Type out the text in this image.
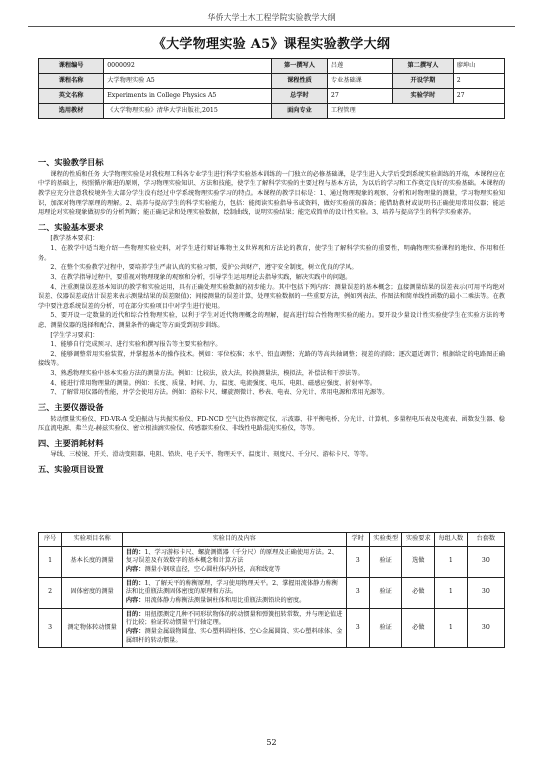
华侨大学土木工程学院实验教学大纲
《大学物理实验 A5》课程实验教学大纲
课程编号	0000092	第一撰写人	吕莲	第二撰写人	廖坤山
课程名称	大学物理实验 A5	课程性质	专业基础课	开设学期	2
英文名称	Experiments in College Physics A5	总学时	27	实验学时	27
选用教材	《大学物理实验》清华大学出版社,2015	面向专业	工程管理		
一、实验教学目标

课程的性质和任务 大学物理实验是对我校理工科各专业学生进行科学实验基本训练的一门独立的必修基础课，是学生进入大学后受到系统实验训练的开端，本课程应在中学的基础上，按照循序渐进的原则，学习物理实验知识、方法和技能，使学生了解科学实验的主要过程与基本方法，为以后的学习和工作奠定良好的实验基础。本课程的教学应充分注意我校境外生大部分学生没有经过中学系统物理实验学习的特点。本课程的教学目标是：1、通过物理现象的观察、分析和对物理量的测量，学习物理实验知识，加深对物理学原理的理解。2、培养与提高学生的科学实验能力，包括：能阅读实验指导书或资料，做好实验前的准备；能借助教材或说明书正确使用常用仪器；能运用理论对实验现象做初步的分析判断；能正确记录和处理实验数据，绘制曲线，说明实验结果；能完成简单的设计性实验。3、培养与提高学生的科学实验素养。

二、实验基本要求

[教学基本要求]：

1、在教学中适当地介绍一些物理实验史料，对学生进行辩证唯物主义世界观和方法论的教育，使学生了解科学实验的重要性，明确物理实验课程的地位、作用和任务。

2、在整个实验教学过程中，要培养学生严肃认真的实验习惯，爱护公共财产，遵守安全制度，树立优良的学风。

3、在教学指导过程中，要重视对物理现象的观察和分析，引导学生运用理论去指导实践，解决实践中的问题。

4、注重测量误差基本知识的教学和实验运用，具有正确处理实验数据的初步能力。其中包括下列内容：测量误差的基本概念；直接测量结果的误差表示(可用平均绝对误差、仪器误差或估计误差来表示测量结果的误差限值)；间接测量的误差计算，处理实验数据的一些重要方法，例如列表法、作图法和简单线性函数的最小二乘法等。在教学中要注意系统误差的分析，可在部分实验项目中对学生进行使用。

5、要开设一定数量的近代和综合性物理实验，以利于学生对近代物理概念的理解，提高进行综合性物理实验的能力。要开设少量设计性实验使学生在实验方法的考虑、测量仪器的选择和配合、测量条件的确定等方面受到初步训练。

[学生学习要求]：

1、能够自行完成预习、进行实验和撰写报告等主要实验程序。

2、能够调整常用实验装置，并掌握基本的操作技术。例如：零位校准；水平、铅直调整；光路的等高共轴调整；视差的消除；逐次逼近调节；根据给定的电路图正确接线等。

3、熟悉物理实验中基本实验方法的测量方法。例如：比较法，放大法，转换测量法，模拟法，补偿法和干涉法等。

4、能进行常用物理量的测量。例如：长度、质量、时间、力、温度、电流强度、电压、电阻、磁感应强度、折射率等。

7、了解常用仪器的性能，并学会使用方法。例如：游标卡尺、螺旋测微计、秒表、电表、分光计、常用电源和常用光源等。

三、主要仪器设备

转动惯量实验仪、FD-VR-A 受迫振动与共振实验仪、FD-NCD 空气比热容测定仪、示波器、非平衡电桥、分光计、计算机、多量程电压表及电流表、函数发生器、稳压直流电源、弗兰克-赫兹实验仪、密立根油滴实验仪、传感器实验仪、非线性电路混沌实验仪，等等。

四、主要消耗材料

导线、三棱镜、开关、滑动变阻器、电阻、铅块、电子天平、物理天平、温度计、刻度尺、千分尺、游标卡尺、等等。

五、实验项目设置
序号	实验项目名称	实验目的及内容	学时	实验类型	实验要求	每组人数	台套数
1	基本长度的测量	目的：1、学习游标卡尺、螺旋测微器（千分尺）的原理及正确使用方法。2、复习误差及有效数字的基本概念和计算方法
内容：测量小钢球直径，空心圆柱体内外径，高和线宽等	3	验证	选做	1	30
2	固体密度的测量	目的：1、了解天平的称衡原理，学习使用物理天平。2、掌握用流体静力称衡法和比重瓶法测固体密度的原理和方法。
内容：用流体静力称衡法测量铜柱体和用比重瓶法测铅块的密度。	3	验证	必做	1	30
3	测定物体转动惯量	目的：用扭摆测定几种不同形状物体的转动惯量和弹簧扭转常数，并与理论值进行比较；验证转动惯量平行轴定理。
内容：测量金属载物圆盘、实心塑料圆柱体、空心金属圆筒、实心塑料球体、金属细杆的转动惯量。	3	验证	必做	1	30
52
